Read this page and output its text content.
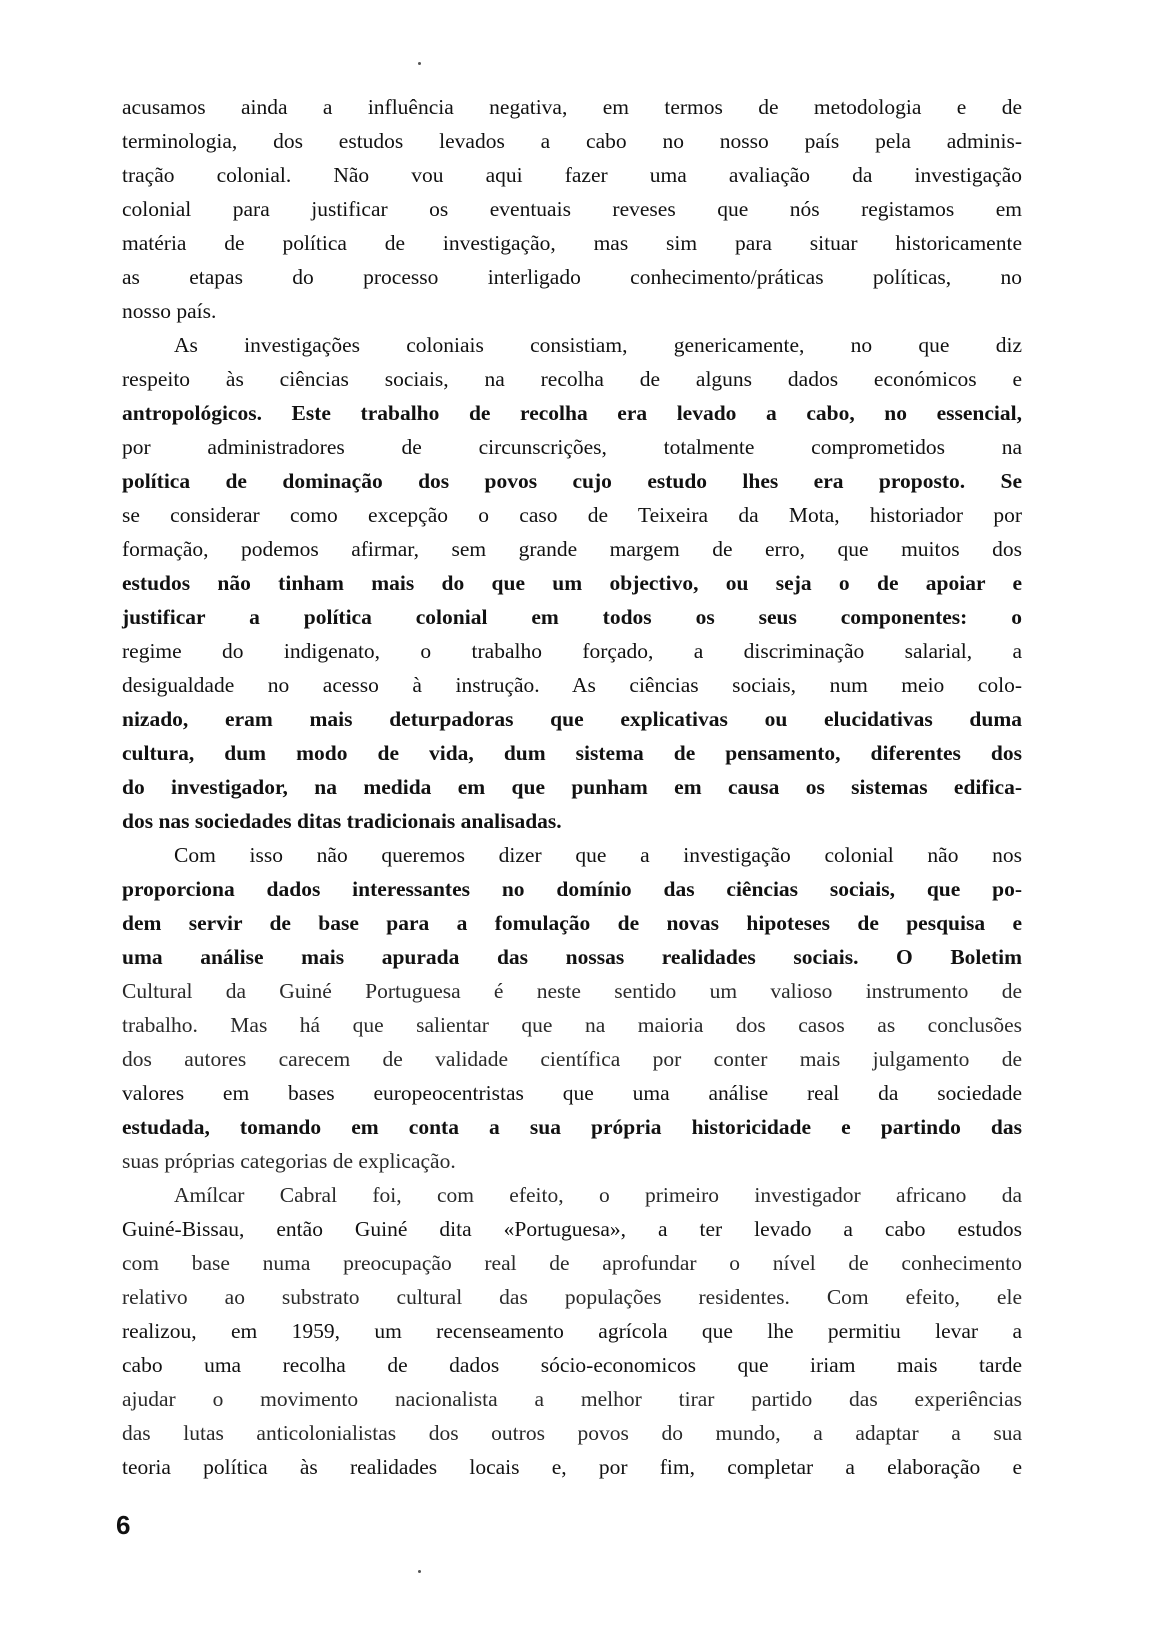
acusamos ainda a influência negativa, em termos de metodologia e de
terminologia, dos estudos levados a cabo no nosso país pela adminis-
tração colonial. Não vou aqui fazer uma avaliação da investigação
colonial para justificar os eventuais reveses que nós registamos em
matéria de política de investigação, mas sim para situar historicamente
as etapas do processo interligado conhecimento/práticas políticas, no
nosso país.
As investigações coloniais consistiam, genericamente, no que diz
respeito às ciências sociais, na recolha de alguns dados económicos e
antropológicos. Este trabalho de recolha era levado a cabo, no essencial,
por administradores de circunscrições, totalmente comprometidos na
política de dominação dos povos cujo estudo lhes era proposto. Se
se considerar como excepção o caso de Teixeira da Mota, historiador por
formação, podemos afirmar, sem grande margem de erro, que muitos dos
estudos não tinham mais do que um objectivo, ou seja o de apoiar e
justificar a política colonial em todos os seus componentes: o
regime do indigenato, o trabalho forçado, a discriminação salarial, a
desigualdade no acesso à instrução. As ciências sociais, num meio colo-
nizado, eram mais deturpadoras que explicativas ou elucidativas duma
cultura, dum modo de vida, dum sistema de pensamento, diferentes dos
do investigador, na medida em que punham em causa os sistemas edifica-
dos nas sociedades ditas tradicionais analisadas.
Com isso não queremos dizer que a investigação colonial não nos
proporciona dados interessantes no domínio das ciências sociais, que po-
dem servir de base para a fomulação de novas hipoteses de pesquisa e
uma análise mais apurada das nossas realidades sociais. O Boletim
Cultural da Guiné Portuguesa é neste sentido um valioso instrumento de
trabalho. Mas há que salientar que na maioria dos casos as conclusões
dos autores carecem de validade científica por conter mais julgamento de
valores em bases europeocentristas que uma análise real da sociedade
estudada, tomando em conta a sua própria historicidade e partindo das
suas próprias categorias de explicação.
Amílcar Cabral foi, com efeito, o primeiro investigador africano da
Guiné-Bissau, então Guiné dita «Portuguesa», a ter levado a cabo estudos
com base numa preocupação real de aprofundar o nível de conhecimento
relativo ao substrato cultural das populações residentes. Com efeito, ele
realizou, em 1959, um recenseamento agrícola que lhe permitiu levar a
cabo uma recolha de dados sócio-economicos que iriam mais tarde
ajudar o movimento nacionalista a melhor tirar partido das experiências
das lutas anticolonialistas dos outros povos do mundo, a adaptar a sua
teoria política às realidades locais e, por fim, completar a elaboração e
6
